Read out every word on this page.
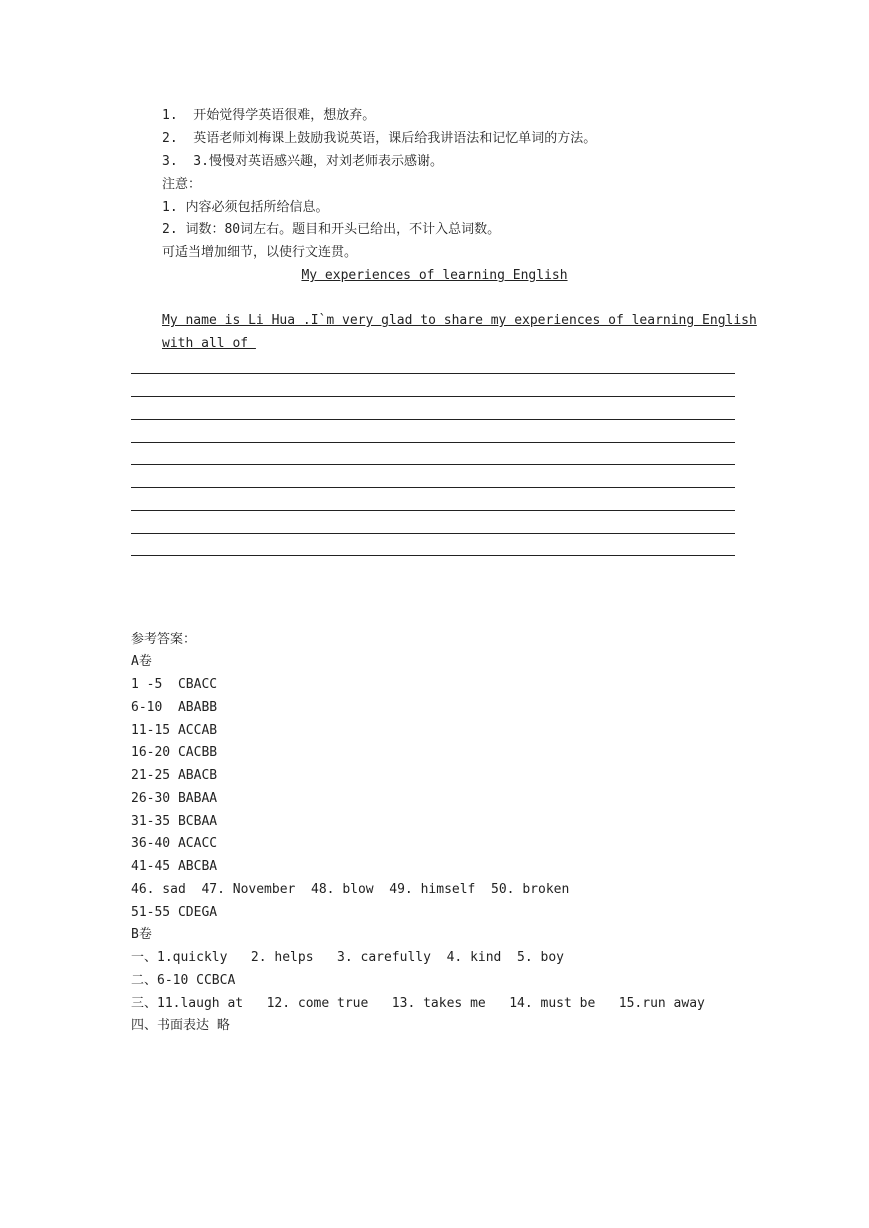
1.  开始觉得学英语很难，想放弃。
2.  英语老师刘梅课上鼓励我说英语，课后给我讲语法和记忆单词的方法。
3.  3.慢慢对英语感兴趣，对刘老师表示感谢。
注意：
1. 内容必须包括所给信息。
2. 词数：80词左右。题目和开头已给出，不计入总词数。
可适当增加细节，以使行文连贯。
My experiences of learning English
My name is Li Hua .I`m very glad to share my experiences of learning English
with all of
参考答案：
A卷
1 -5  CBACC
6-10  ABABB
11-15 ACCAB
16-20 CACBB
21-25 ABACB
26-30 BABAA
31-35 BCBAA
36-40 ACACC
41-45 ABCBA
46. sad  47. November  48. blow  49. himself  50. broken
51-55 CDEGA
B卷
一、1.quickly   2. helps   3. carefully  4. kind  5. boy
二、6-10 CCBCA
三、11.laugh at   12. come true   13. takes me   14. must be   15.run away
四、书面表达 略
